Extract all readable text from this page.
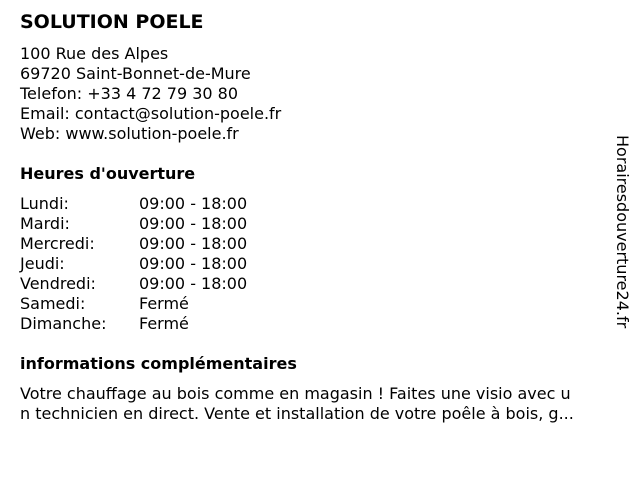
SOLUTION POELE
100 Rue des Alpes
69720 Saint-Bonnet-de-Mure
Telefon: +33 4 72 79 30 80
Email: contact@solution-poele.fr
Web: www.solution-poele.fr
Heures d'ouverture
Lundi:	09:00 - 18:00
Mardi:	09:00 - 18:00
Mercredi:	09:00 - 18:00
Jeudi:	09:00 - 18:00
Vendredi:	09:00 - 18:00
Samedi:	Fermé
Dimanche: Fermé
informations complémentaires
Votre chauffage au bois comme en magasin ! Faites une visio avec u
n technicien en direct. Vente et installation de votre poêle à bois, g...
Horairesdouverture24.fr
